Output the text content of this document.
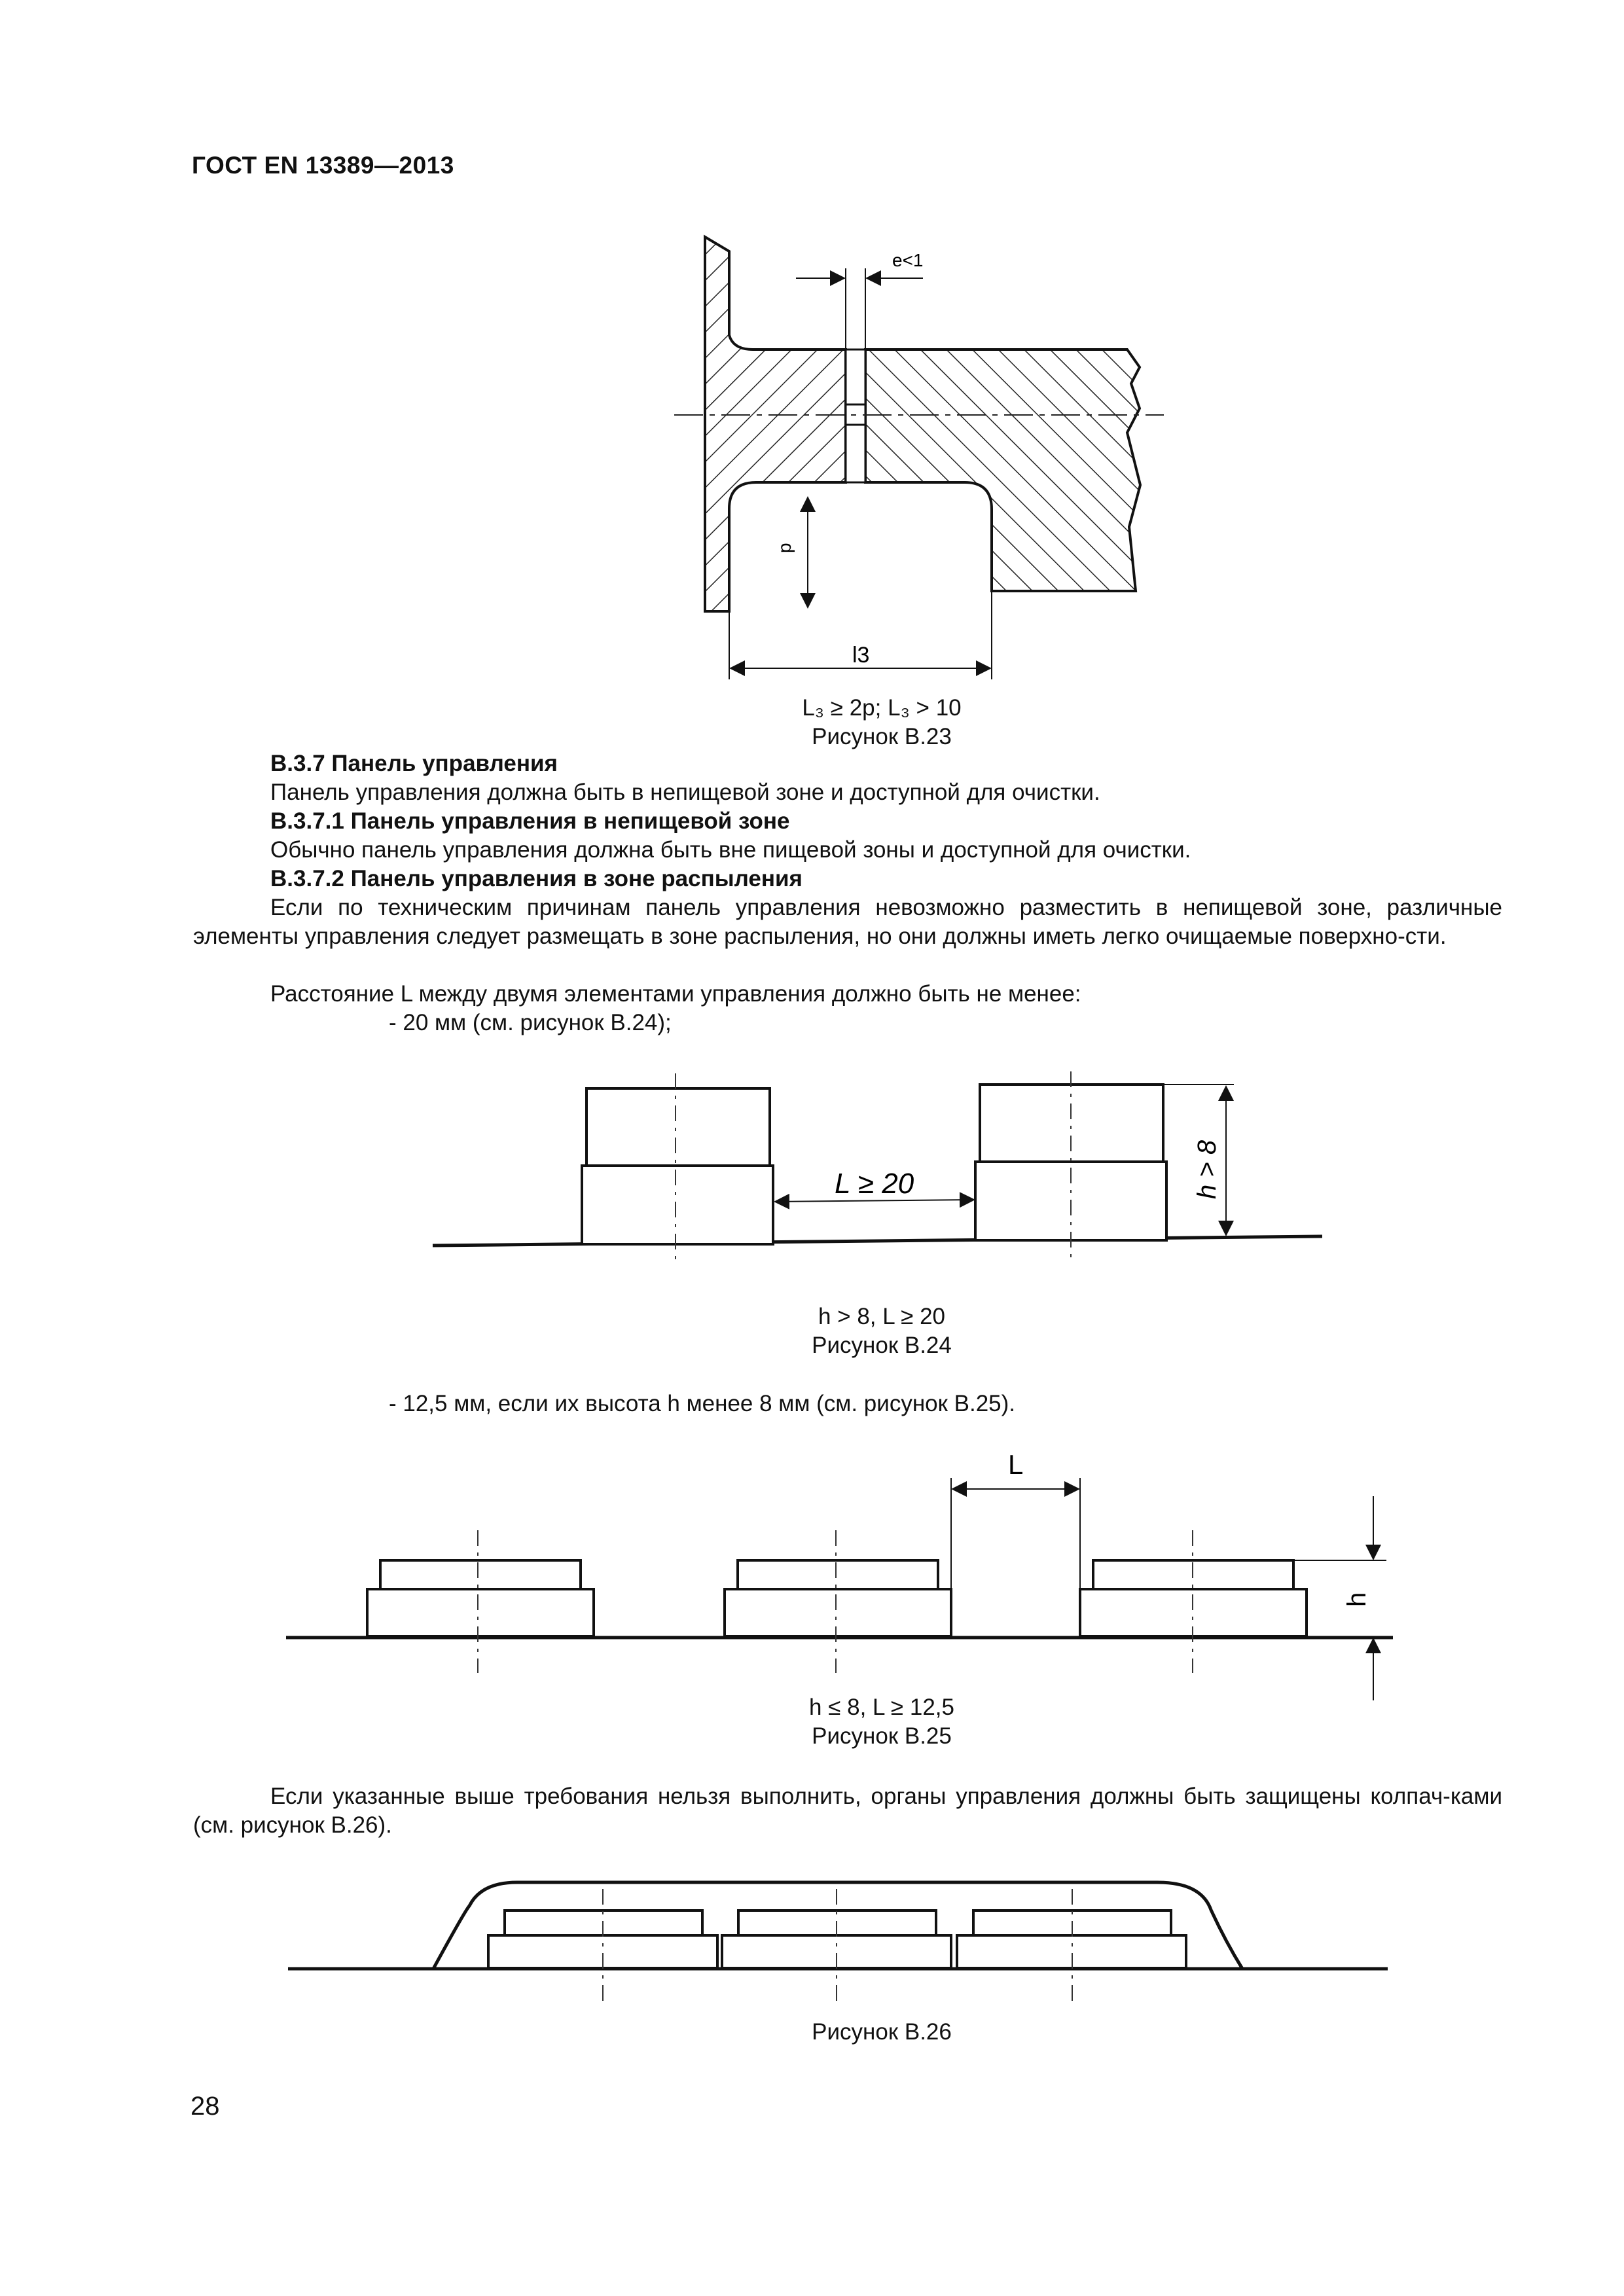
ГОСТ EN 13389—2013
e<1
p
l3
L₃ ≥ 2p; L₃ > 10
Рисунок В.23
В.3.7 Панель управления
Панель управления должна быть в непищевой зоне и доступной для очистки.
В.3.7.1 Панель управления в непищевой зоне
Обычно панель управления должна быть вне пищевой зоны и доступной для очистки.
В.3.7.2 Панель управления в зоне распыления
Если по техническим причинам панель управления невозможно разместить в непищевой зоне, различные элементы управления следует размещать в зоне распыления, но они должны иметь легко очищаемые поверхно-сти.
Расстояние L между двумя элементами управления должно быть не менее:
- 20 мм (см. рисунок В.24);
L ≥ 20	h > 8
h > 8, L ≥ 20
Рисунок В.24
- 12,5 мм, если их высота h менее 8 мм (см. рисунок В.25).
L
h
h ≤ 8, L ≥ 12,5
Рисунок В.25
Если указанные выше требования нельзя выполнить, органы управления должны быть защищены колпач-ками (см. рисунок В.26).
Рисунок В.26
28
